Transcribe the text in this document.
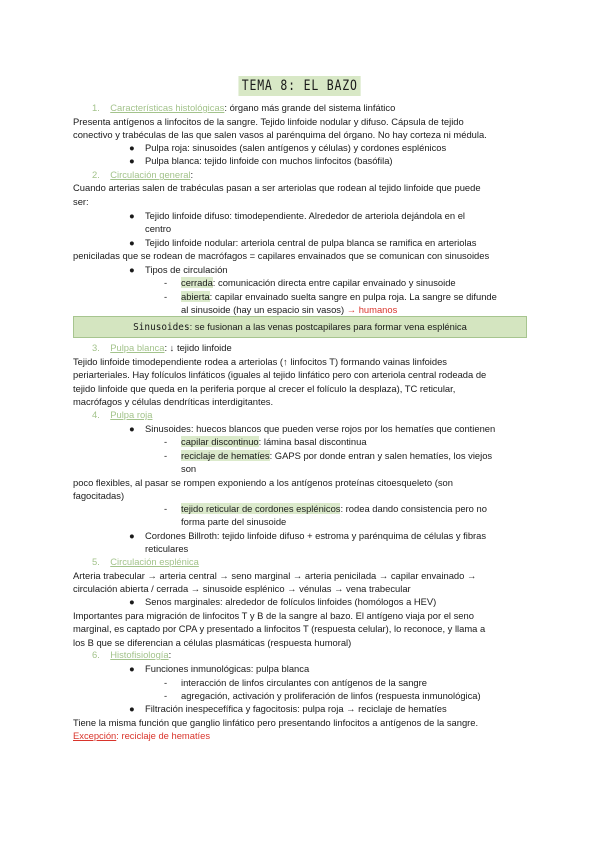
TEMA 8: EL BAZO
1. Características histológicas: órgano más grande del sistema linfático
Presenta antígenos a linfocitos de la sangre. Tejido linfoide nodular y difuso. Cápsula de tejido
conectivo y trabéculas de las que salen vasos al parénquima del órgano. No hay corteza ni médula.
● Pulpa roja: sinusoides (salen antígenos y células) y cordones esplénicos
● Pulpa blanca: tejido linfoide con muchos linfocitos (basófila)
2. Circulación general:
Cuando arterias salen de trabéculas pasan a ser arteriolas que rodean al tejido linfoide que puede
ser:
● Tejido linfoide difuso: timodependiente. Alrededor de arteriola dejándola en el
centro
● Tejido linfoide nodular: arteriola central de pulpa blanca se ramifica en arteriolas
peniciladas que se rodean de macrófagos = capilares envainados que se comunican con sinusoides
● Tipos de circulación
- cerrada: comunicación directa entre capilar envainado y sinusoide
- abierta: capilar envainado suelta sangre en pulpa roja. La sangre se difunde
al sinusoide (hay un espacio sin vasos) → humanos
Sinusoides: se fusionan a las venas postcapilares para formar vena esplénica
3. Pulpa blanca: ↓ tejido linfoide
Tejido linfoide timodependiente rodea a arteriolas (↑ linfocitos T) formando vainas linfoides
periarteriales. Hay folículos linfáticos (iguales al tejido linfático pero con arteriola central rodeada de
tejido linfoide que queda en la periferia porque al crecer el folículo la desplaza), TC reticular,
macrófagos y células dendríticas interdigitantes.
4. Pulpa roja
● Sinusoides: huecos blancos que pueden verse rojos por los hematíes que contienen
- capilar discontinuo: lámina basal discontinua
- reciclaje de hematíes: GAPS por donde entran y salen hematíes, los viejos
son
poco flexibles, al pasar se rompen exponiendo a los antígenos proteínas citoesqueleto (son
fagocitadas)
- tejido reticular de cordones esplénicos: rodea dando consistencia pero no
forma parte del sinusoide
● Cordones Billroth: tejido linfoide difuso + estroma y parénquima de células y fibras
reticulares
5. Circulación esplénica
Arteria trabecular → arteria central → seno marginal → arteria penicilada → capilar envainado →
circulación abierta / cerrada → sinusoide esplénico → vénulas → vena trabecular
● Senos marginales: alrededor de folículos linfoides (homólogos a HEV)
Importantes para migración de linfocitos T y B de la sangre al bazo. El antígeno viaja por el seno
marginal, es captado por CPA y presentado a linfocitos T (respuesta celular), lo reconoce, y llama a
los B que se diferencian a células plasmáticas (respuesta humoral)
6. Histofisiología:
● Funciones inmunológicas: pulpa blanca
- interacción de linfos circulantes con antígenos de la sangre
- agregación, activación y proliferación de linfos (respuesta inmunológica)
● Filtración inespecefífica y fagocitosis: pulpa roja → reciclaje de hematíes
Tiene la misma función que ganglio linfático pero presentando linfocitos a antígenos de la sangre.
Excepción: reciclaje de hematíes
